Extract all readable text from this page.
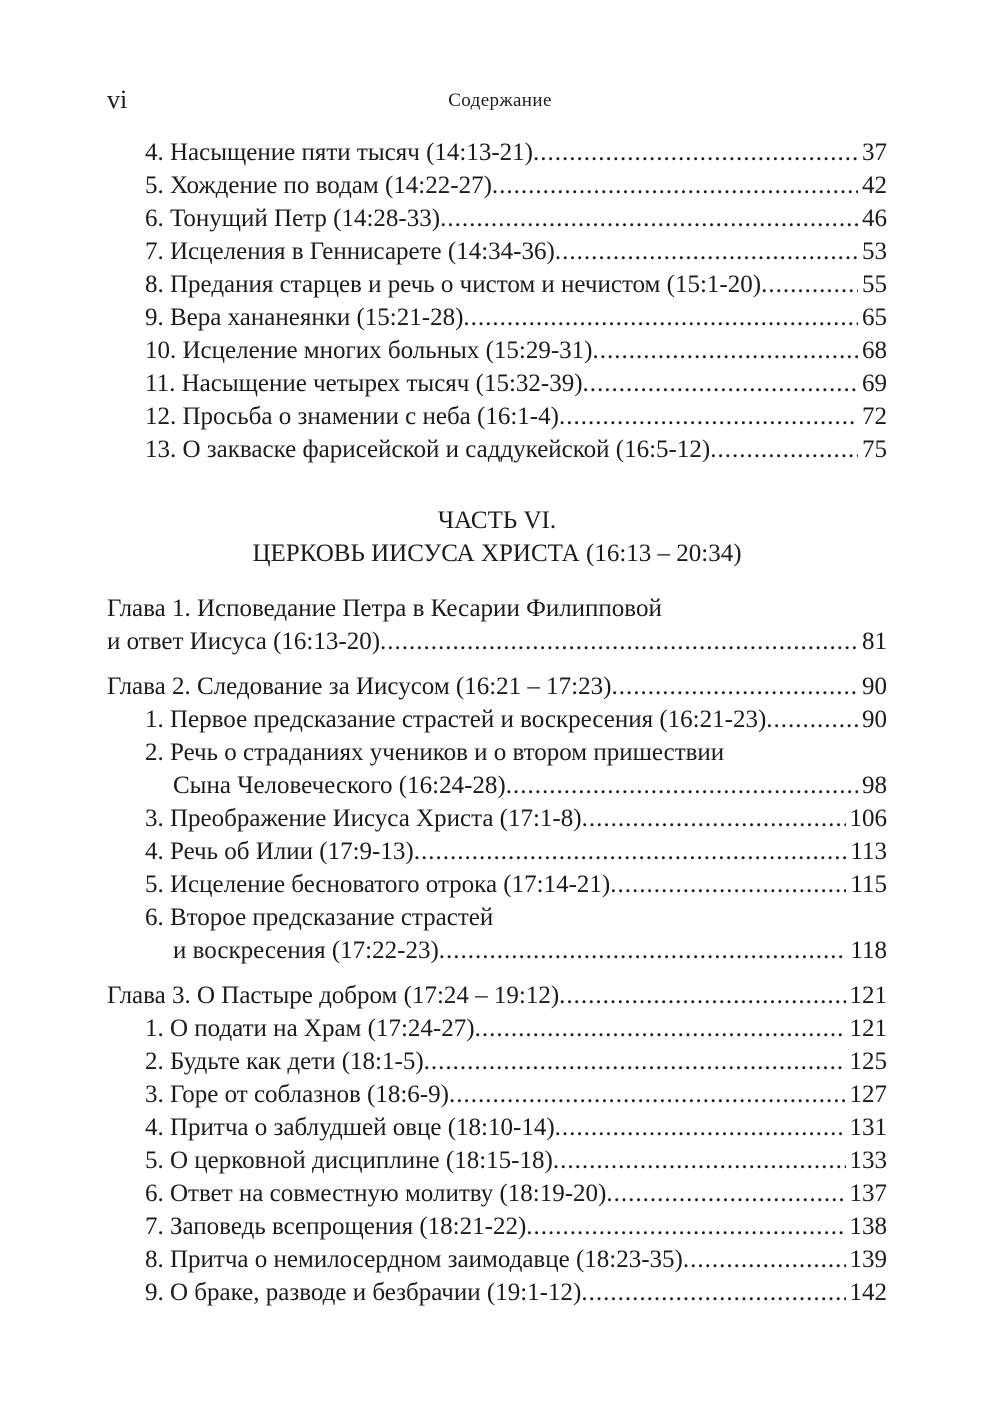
vi	Содержание
4. Насыщение пяти тысяч (14:13-21) .....	37
5. Хождение по водам (14:22-27) .....	42
6. Тонущий Петр (14:28-33) .....	46
7. Исцеления в Геннисарете (14:34-36) .....	53
8. Предания старцев и речь о чистом и нечистом (15:1-20) .....	55
9. Вера хананеянки (15:21-28) .....	65
10. Исцеление многих больных (15:29-31) .....	68
11. Насыщение четырех тысяч (15:32-39) .....	69
12. Просьба о знамении с неба (16:1-4) .....	72
13. О закваске фарисейской и саддукейской (16:5-12) .....	75
ЧАСТЬ VI.
ЦЕРКОВЬ ИИСУСА ХРИСТА (16:13 – 20:34)
Глава 1. Исповедание Петра в Кесарии Филипповой
и ответ Иисуса (16:13-20) .....	81
Глава 2. Следование за Иисусом (16:21 – 17:23) .....	90
1. Первое предсказание страстей и воскресения (16:21-23) .....	90
2. Речь о страданиях учеников и о втором пришествии
Сына Человеческого (16:24-28) .....	98
3. Преображение Иисуса Христа (17:1-8) .....	106
4. Речь об Илии (17:9-13) .....	113
5. Исцеление бесноватого отрока (17:14-21) .....	115
6. Второе предсказание страстей
и воскресения (17:22-23) .....	118
Глава 3. О Пастыре добром (17:24 – 19:12) .....	121
1. О подати на Храм (17:24-27) .....	121
2. Будьте как дети (18:1-5) .....	125
3. Горе от соблазнов (18:6-9) .....	127
4. Притча о заблудшей овце (18:10-14) .....	131
5. О церковной дисциплине (18:15-18) .....	133
6. Ответ на совместную молитву (18:19-20) .....	137
7. Заповедь всепрощения (18:21-22) .....	138
8. Притча о немилосердном заимодавце (18:23-35) .....	139
9. О браке, разводе и безбрачии (19:1-12) .....	142
